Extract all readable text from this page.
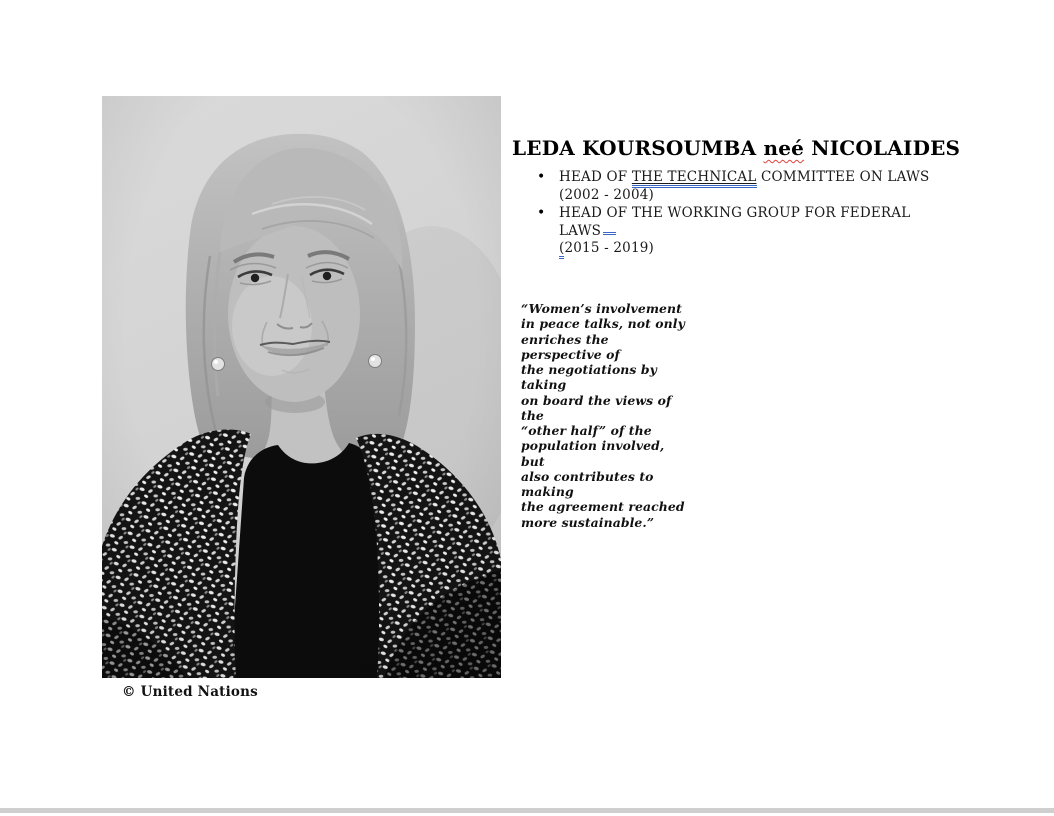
© United Nations
LEDA KOURSOUMBA neé NICOLAIDES
• HEAD OF THE TECHNICAL COMMITTEE ON LAWS
(2002 - 2004)
• HEAD OF THE WORKING GROUP FOR FEDERAL LAWS
(2015 - 2019)
“Women’s involvement
in peace talks, not only
enriches the perspective of
the negotiations by taking
on board the views of the
“other half” of the
population involved, but
also contributes to making
the agreement reached
more sustainable.”
